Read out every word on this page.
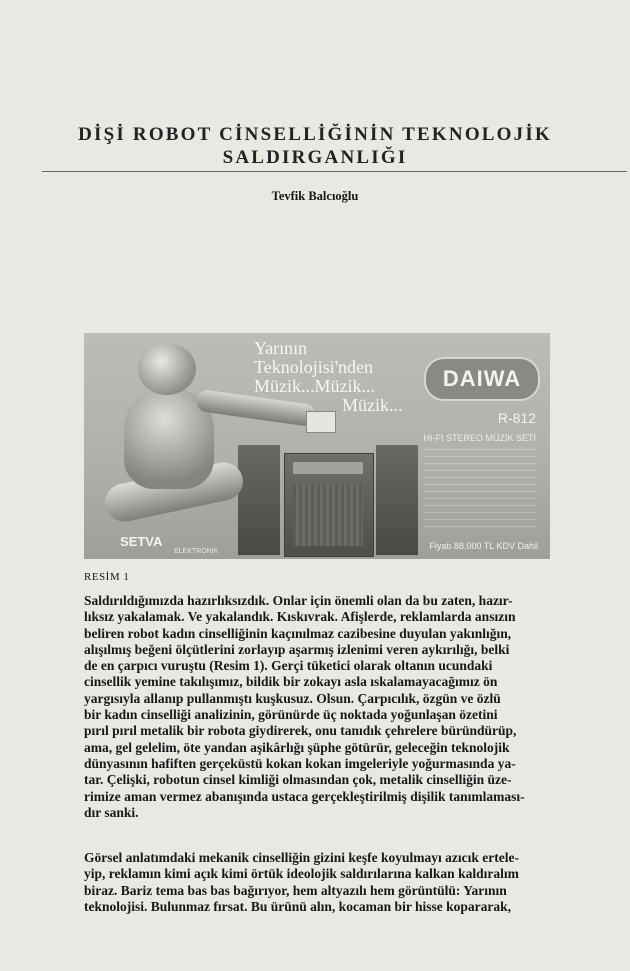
DİŞİ ROBOT CİNSELLİĞİNİN TEKNOLOJİK
SALDIRGANLIĞI
Tevfik Balcıoğlu
Yarının
Teknolojisi'nden
Müzik...Müzik...
Müzik...
DAIWA
R-812
HI-FI STEREO MÜZİK SETİ
Fiyatı 88.000 TL KDV Dahil
SETVA
ELEKTRONİK
RESİM 1
Saldırıldığımızda hazırlıksızdık. Onlar için önemli olan da bu zaten, hazır-
lıksız yakalamak. Ve yakalandık. Kıskıvrak. Afişlerde, reklamlarda ansızın
beliren robot kadın cinselliğinin kaçınılmaz cazibesine duyulan yakınlığın,
alışılmış beğeni ölçütlerini zorlayıp aşarmış izlenimi veren aykırılığı, belki
de en çarpıcı vuruştu (Resim 1). Gerçi tüketici olarak oltanın ucundaki
cinsellik yemine takılışımız, bildik bir zokayı asla ıskalamayacağımız ön
yargısıyla allanıp pullanmıştı kuşkusuz. Olsun. Çarpıcılık, özgün ve özlü
bir kadın cinselliği analizinin, görünürde üç noktada yoğunlaşan özetini
pırıl pırıl metalik bir robota giydirerek, onu tanıdık çehrelere büründürüp,
ama, gel gelelim, öte yandan aşikârlığı şüphe götürür, geleceğin teknolojik
dünyasının hafiften gerçeküstü kokan kokan imgeleriyle yoğurmasında ya-
tar. Çelişki, robotun cinsel kimliği olmasından çok, metalik cinselliğin üze-
rimize aman vermez abanışında ustaca gerçekleştirilmiş dişilik tanımlaması-
dır sanki.
Görsel anlatımdaki mekanik cinselliğin gizini keşfe koyulmayı azıcık ertele-
yip, reklamın kimi açık kimi örtük ideolojik saldırılarına kalkan kaldıralım
biraz. Bariz tema bas bas bağırıyor, hem altyazılı hem görüntülü: Yarının
teknolojisi. Bulunmaz fırsat. Bu ürünü alın, kocaman bir hisse kopararak,
